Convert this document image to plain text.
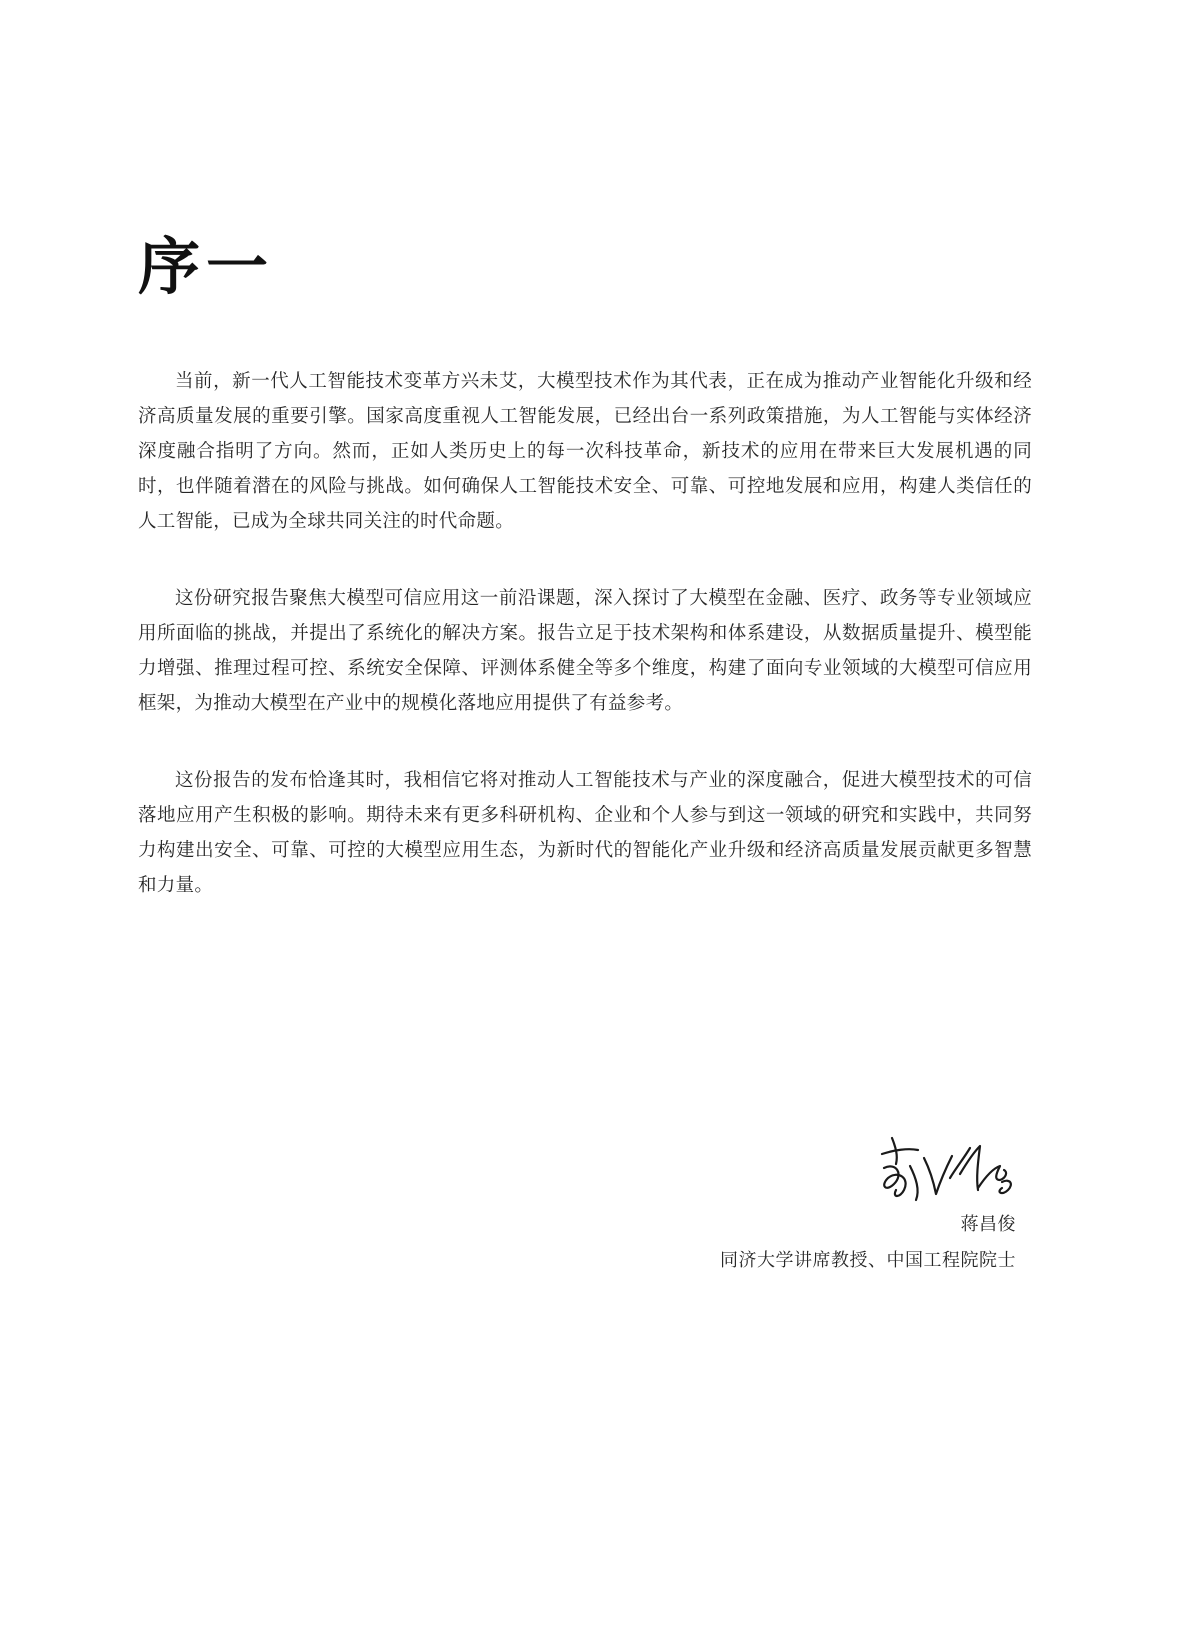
序一

当前，新一代人工智能技术变革方兴未艾，大模型技术作为其代表，正在成为推动产业智能化升级和经济高质量发展的重要引擎。国家高度重视人工智能发展，已经出台一系列政策措施，为人工智能与实体经济深度融合指明了方向。然而，正如人类历史上的每一次科技革命，新技术的应用在带来巨大发展机遇的同时，也伴随着潜在的风险与挑战。如何确保人工智能技术安全、可靠、可控地发展和应用，构建人类信任的人工智能，已成为全球共同关注的时代命题。

这份研究报告聚焦大模型可信应用这一前沿课题，深入探讨了大模型在金融、医疗、政务等专业领域应用所面临的挑战，并提出了系统化的解决方案。报告立足于技术架构和体系建设，从数据质量提升、模型能力增强、推理过程可控、系统安全保障、评测体系健全等多个维度，构建了面向专业领域的大模型可信应用框架，为推动大模型在产业中的规模化落地应用提供了有益参考。

这份报告的发布恰逢其时，我相信它将对推动人工智能技术与产业的深度融合，促进大模型技术的可信落地应用产生积极的影响。期待未来有更多科研机构、企业和个人参与到这一领域的研究和实践中，共同努力构建出安全、可靠、可控的大模型应用生态，为新时代的智能化产业升级和经济高质量发展贡献更多智慧和力量。

蒋昌俊
同济大学讲席教授、中国工程院院士
